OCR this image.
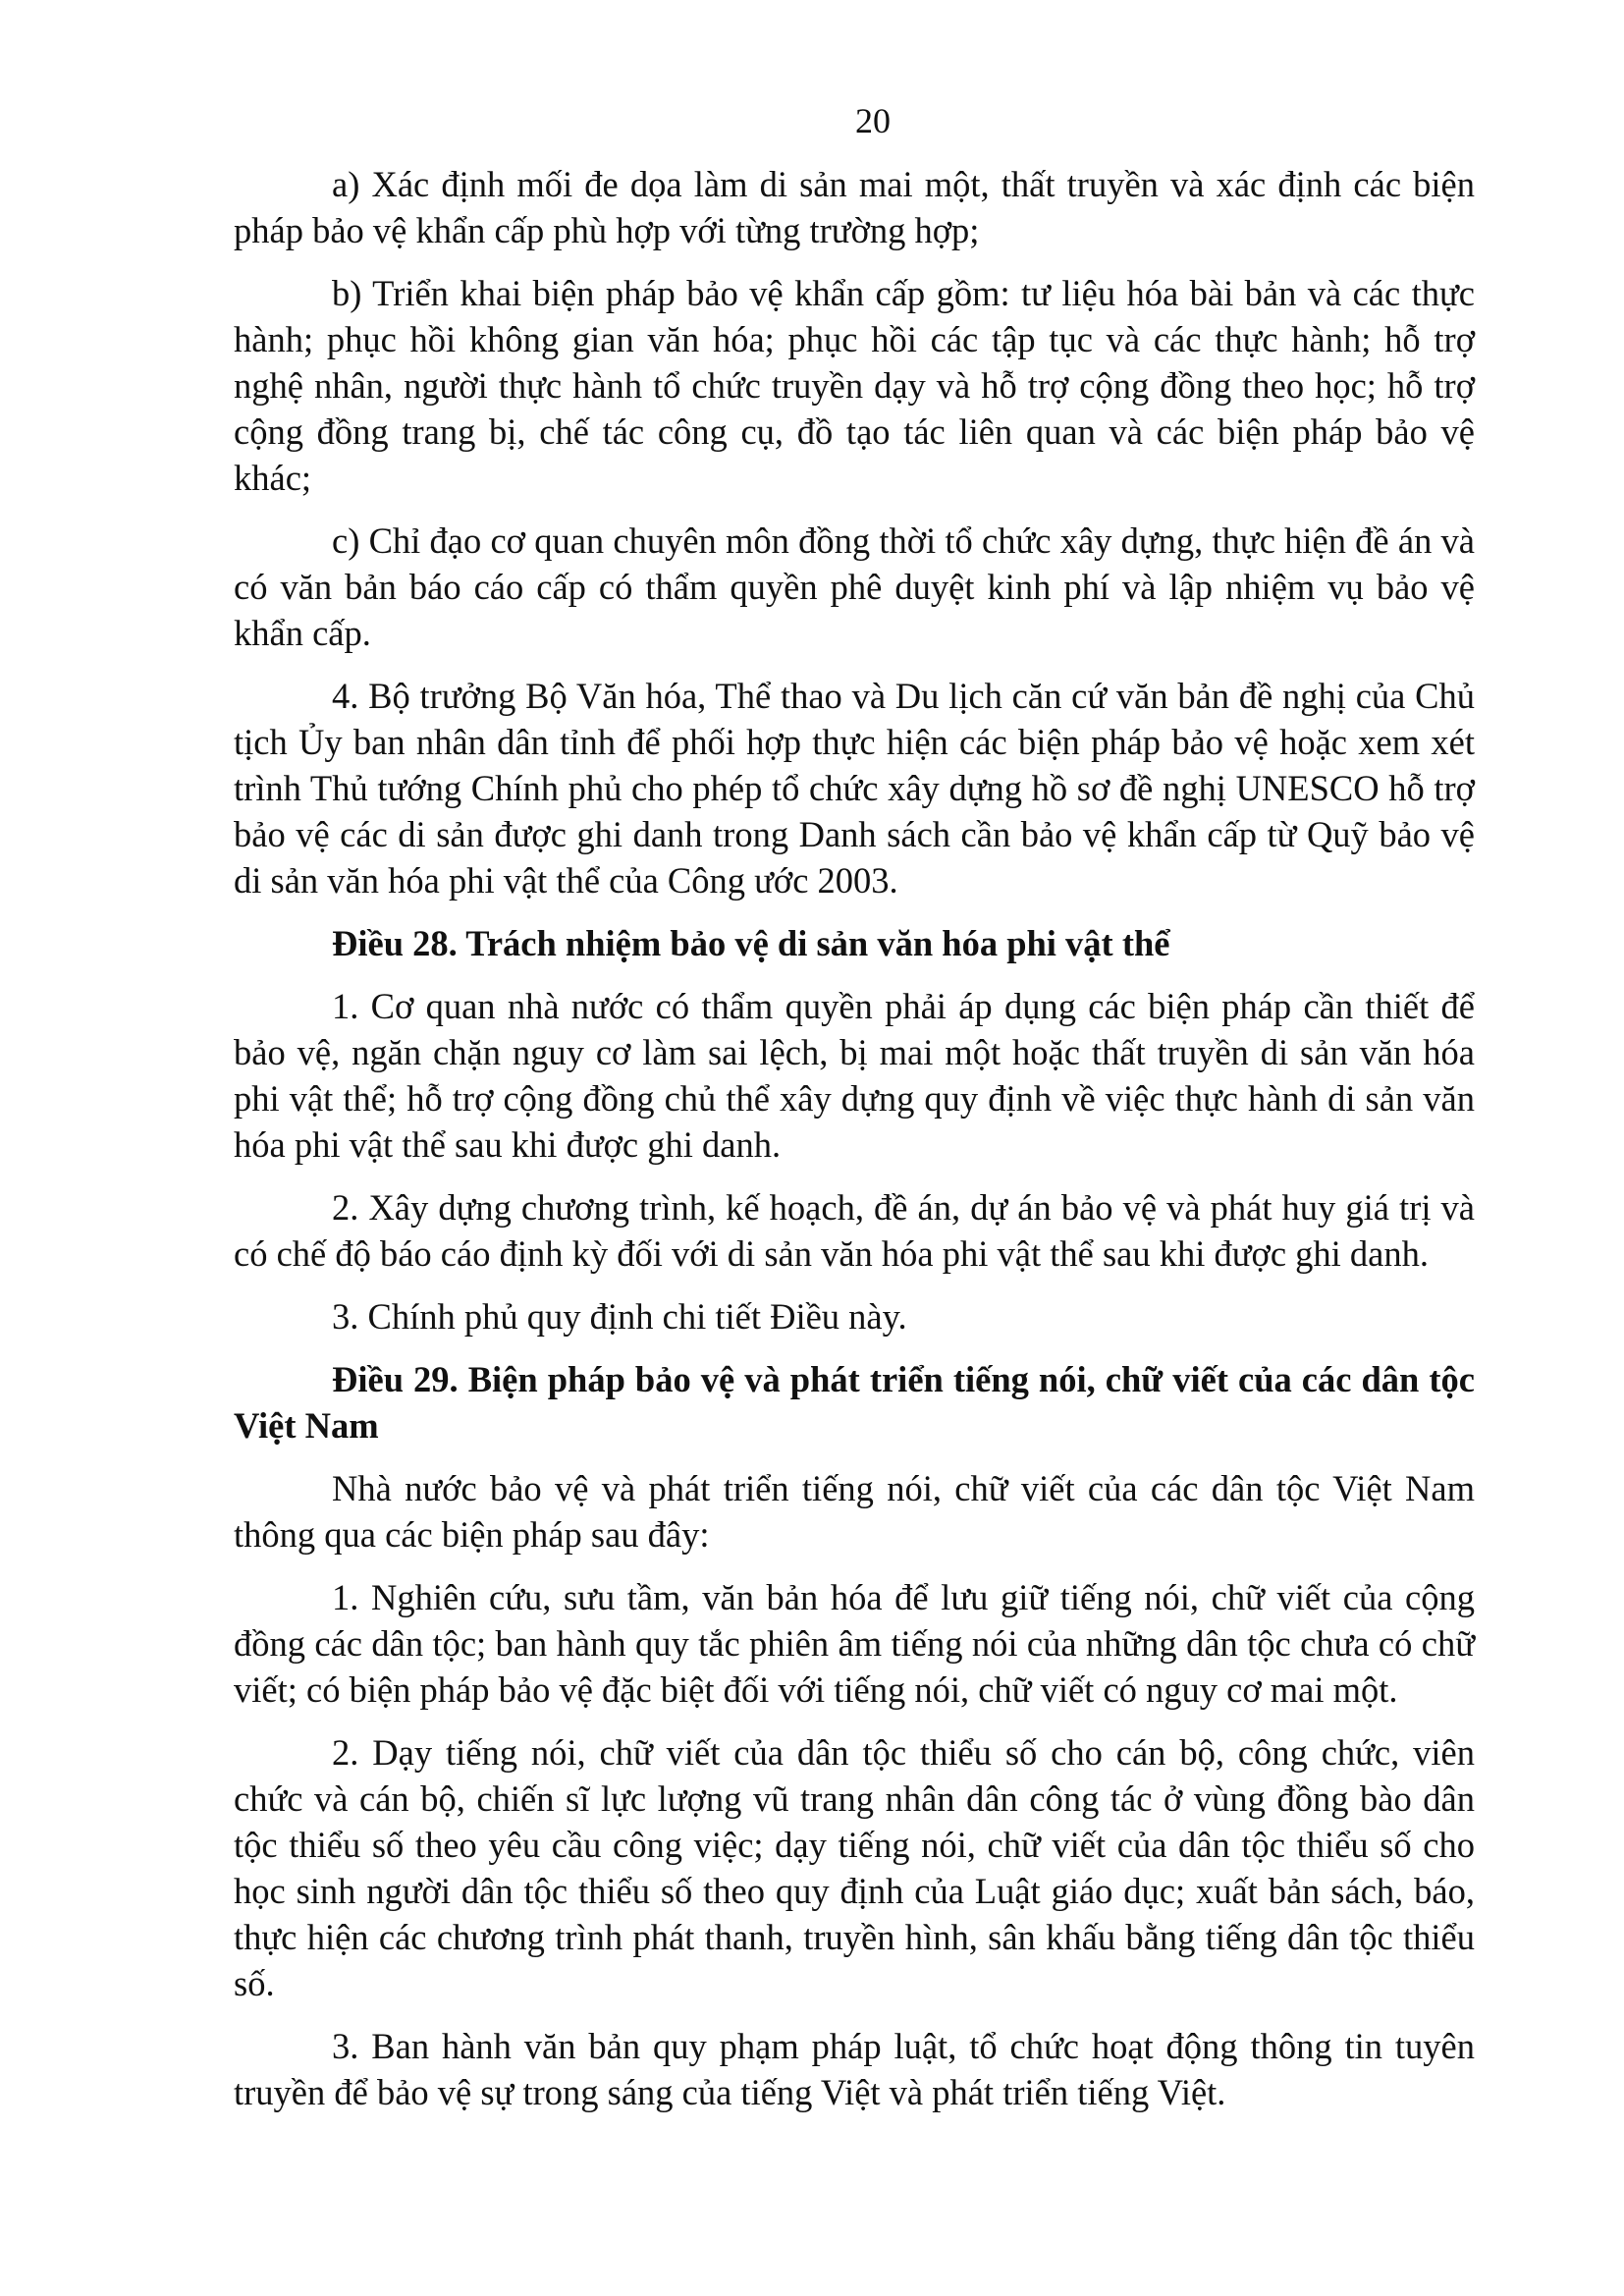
20

a) Xác định mối đe dọa làm di sản mai một, thất truyền và xác định các biện pháp bảo vệ khẩn cấp phù hợp với từng trường hợp;

b) Triển khai biện pháp bảo vệ khẩn cấp gồm: tư liệu hóa bài bản và các thực hành; phục hồi không gian văn hóa; phục hồi các tập tục và các thực hành; hỗ trợ nghệ nhân, người thực hành tổ chức truyền dạy và hỗ trợ cộng đồng theo học; hỗ trợ cộng đồng trang bị, chế tác công cụ, đồ tạo tác liên quan và các biện pháp bảo vệ khác;

c) Chỉ đạo cơ quan chuyên môn đồng thời tổ chức xây dựng, thực hiện đề án và có văn bản báo cáo cấp có thẩm quyền phê duyệt kinh phí và lập nhiệm vụ bảo vệ khẩn cấp.

4. Bộ trưởng Bộ Văn hóa, Thể thao và Du lịch căn cứ văn bản đề nghị của Chủ tịch Ủy ban nhân dân tỉnh để phối hợp thực hiện các biện pháp bảo vệ hoặc xem xét trình Thủ tướng Chính phủ cho phép tổ chức xây dựng hồ sơ đề nghị UNESCO hỗ trợ bảo vệ các di sản được ghi danh trong Danh sách cần bảo vệ khẩn cấp từ Quỹ bảo vệ di sản văn hóa phi vật thể của Công ước 2003.

Điều 28. Trách nhiệm bảo vệ di sản văn hóa phi vật thể

1. Cơ quan nhà nước có thẩm quyền phải áp dụng các biện pháp cần thiết để bảo vệ, ngăn chặn nguy cơ làm sai lệch, bị mai một hoặc thất truyền di sản văn hóa phi vật thể; hỗ trợ cộng đồng chủ thể xây dựng quy định về việc thực hành di sản văn hóa phi vật thể sau khi được ghi danh.

2. Xây dựng chương trình, kế hoạch, đề án, dự án bảo vệ và phát huy giá trị và có chế độ báo cáo định kỳ đối với di sản văn hóa phi vật thể sau khi được ghi danh.

3. Chính phủ quy định chi tiết Điều này.

Điều 29. Biện pháp bảo vệ và phát triển tiếng nói, chữ viết của các dân tộc Việt Nam

Nhà nước bảo vệ và phát triển tiếng nói, chữ viết của các dân tộc Việt Nam thông qua các biện pháp sau đây:

1. Nghiên cứu, sưu tầm, văn bản hóa để lưu giữ tiếng nói, chữ viết của cộng đồng các dân tộc; ban hành quy tắc phiên âm tiếng nói của những dân tộc chưa có chữ viết; có biện pháp bảo vệ đặc biệt đối với tiếng nói, chữ viết có nguy cơ mai một.

2. Dạy tiếng nói, chữ viết của dân tộc thiểu số cho cán bộ, công chức, viên chức và cán bộ, chiến sĩ lực lượng vũ trang nhân dân công tác ở vùng đồng bào dân tộc thiểu số theo yêu cầu công việc; dạy tiếng nói, chữ viết của dân tộc thiểu số cho học sinh người dân tộc thiểu số theo quy định của Luật giáo dục; xuất bản sách, báo, thực hiện các chương trình phát thanh, truyền hình, sân khấu bằng tiếng dân tộc thiểu số.

3. Ban hành văn bản quy phạm pháp luật, tổ chức hoạt động thông tin tuyên truyền để bảo vệ sự trong sáng của tiếng Việt và phát triển tiếng Việt.
